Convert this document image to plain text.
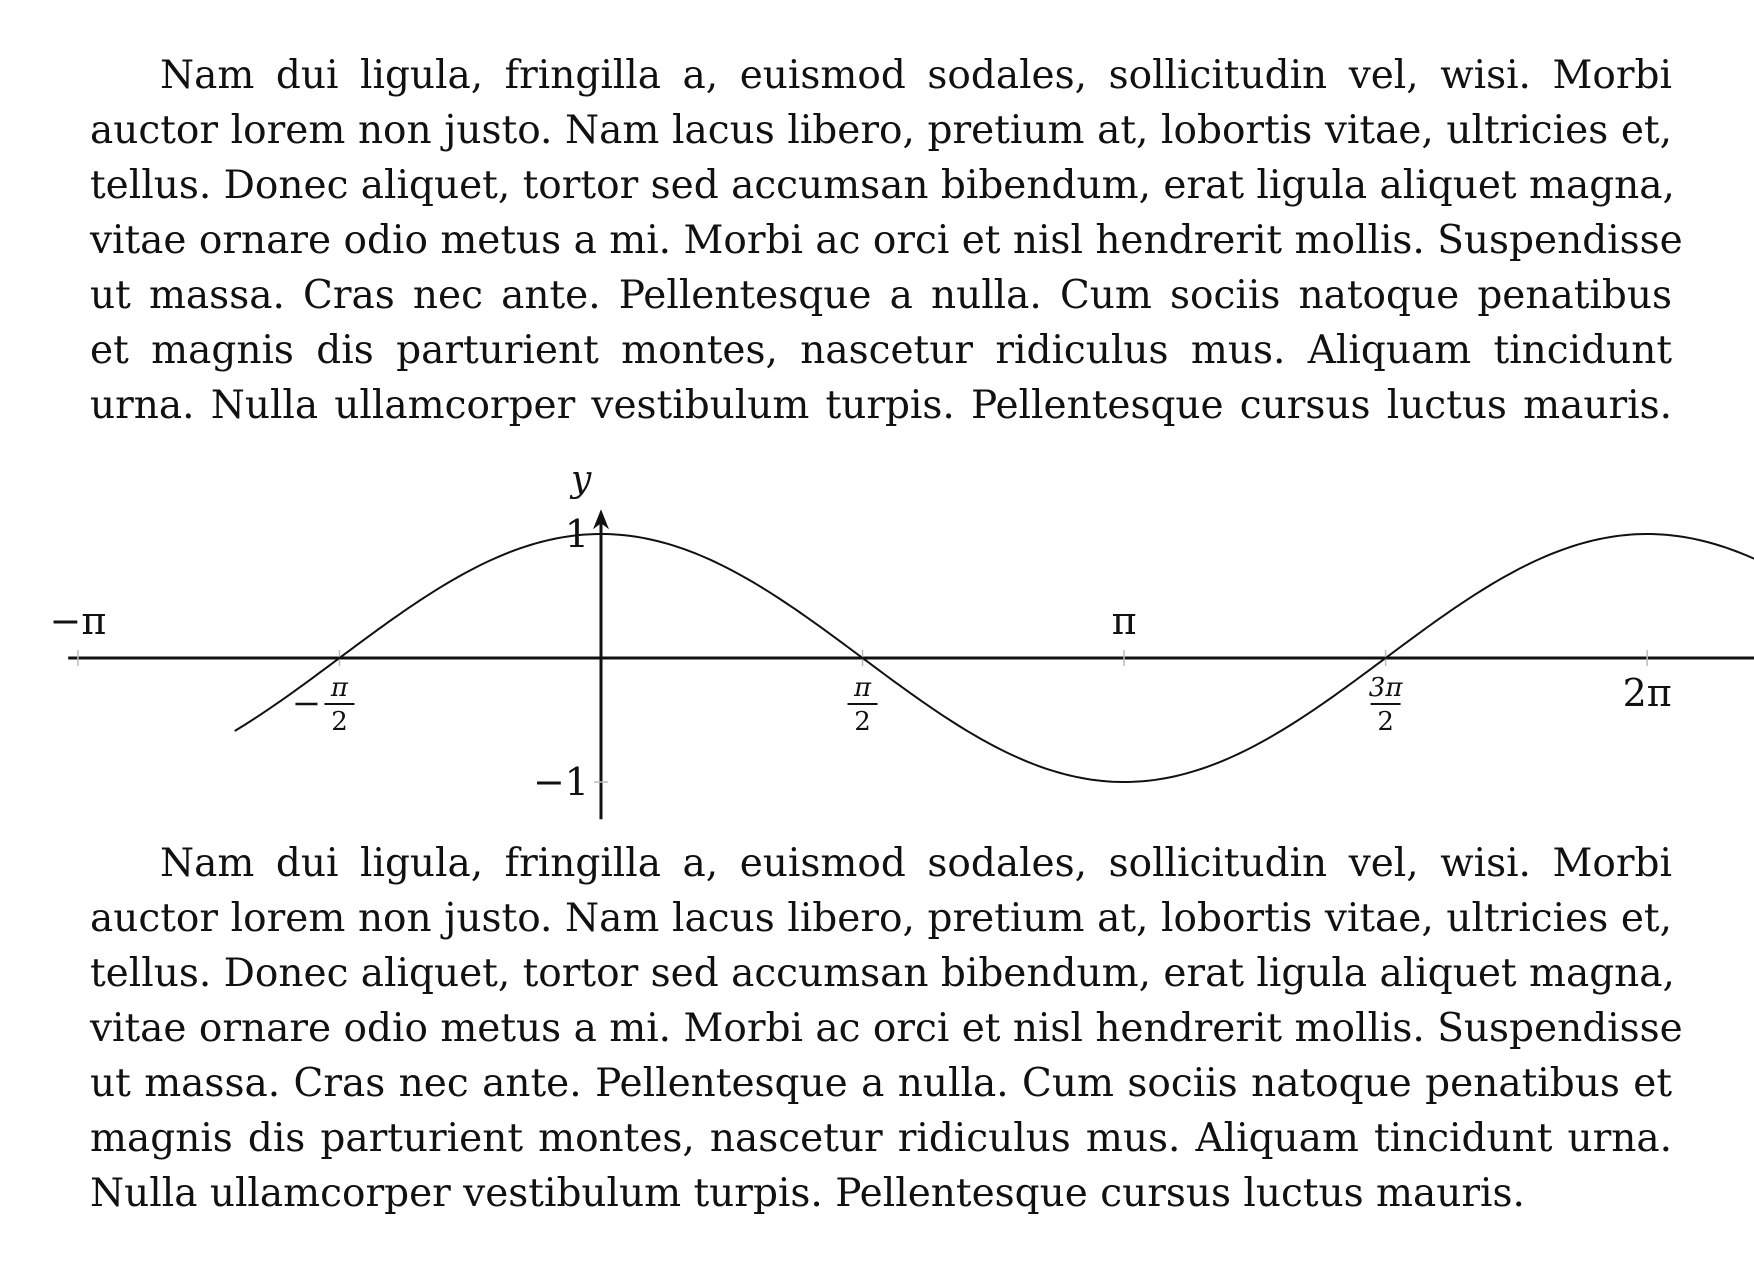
Nam dui ligula, fringilla a, euismod sodales, sollicitudin vel, wisi. Morbi
auctor lorem non justo. Nam lacus libero, pretium at, lobortis vitae, ultricies et,
tellus. Donec aliquet, tortor sed accumsan bibendum, erat ligula aliquet magna,
vitae ornare odio metus a mi. Morbi ac orci et nisl hendrerit mollis. Suspendisse
ut massa. Cras nec ante. Pellentesque a nulla. Cum sociis natoque penatibus
et magnis dis parturient montes, nascetur ridiculus mus. Aliquam tincidunt
urna. Nulla ullamcorper vestibulum turpis. Pellentesque cursus luctus mauris.
y
1
−1
−π
π
2
π
2
π
3π
2
2π
Nam dui ligula, fringilla a, euismod sodales, sollicitudin vel, wisi. Morbi
auctor lorem non justo. Nam lacus libero, pretium at, lobortis vitae, ultricies et,
tellus. Donec aliquet, tortor sed accumsan bibendum, erat ligula aliquet magna,
vitae ornare odio metus a mi. Morbi ac orci et nisl hendrerit mollis. Suspendisse
ut massa. Cras nec ante. Pellentesque a nulla. Cum sociis natoque penatibus et
magnis dis parturient montes, nascetur ridiculus mus. Aliquam tincidunt urna.
Nulla ullamcorper vestibulum turpis. Pellentesque cursus luctus mauris.
